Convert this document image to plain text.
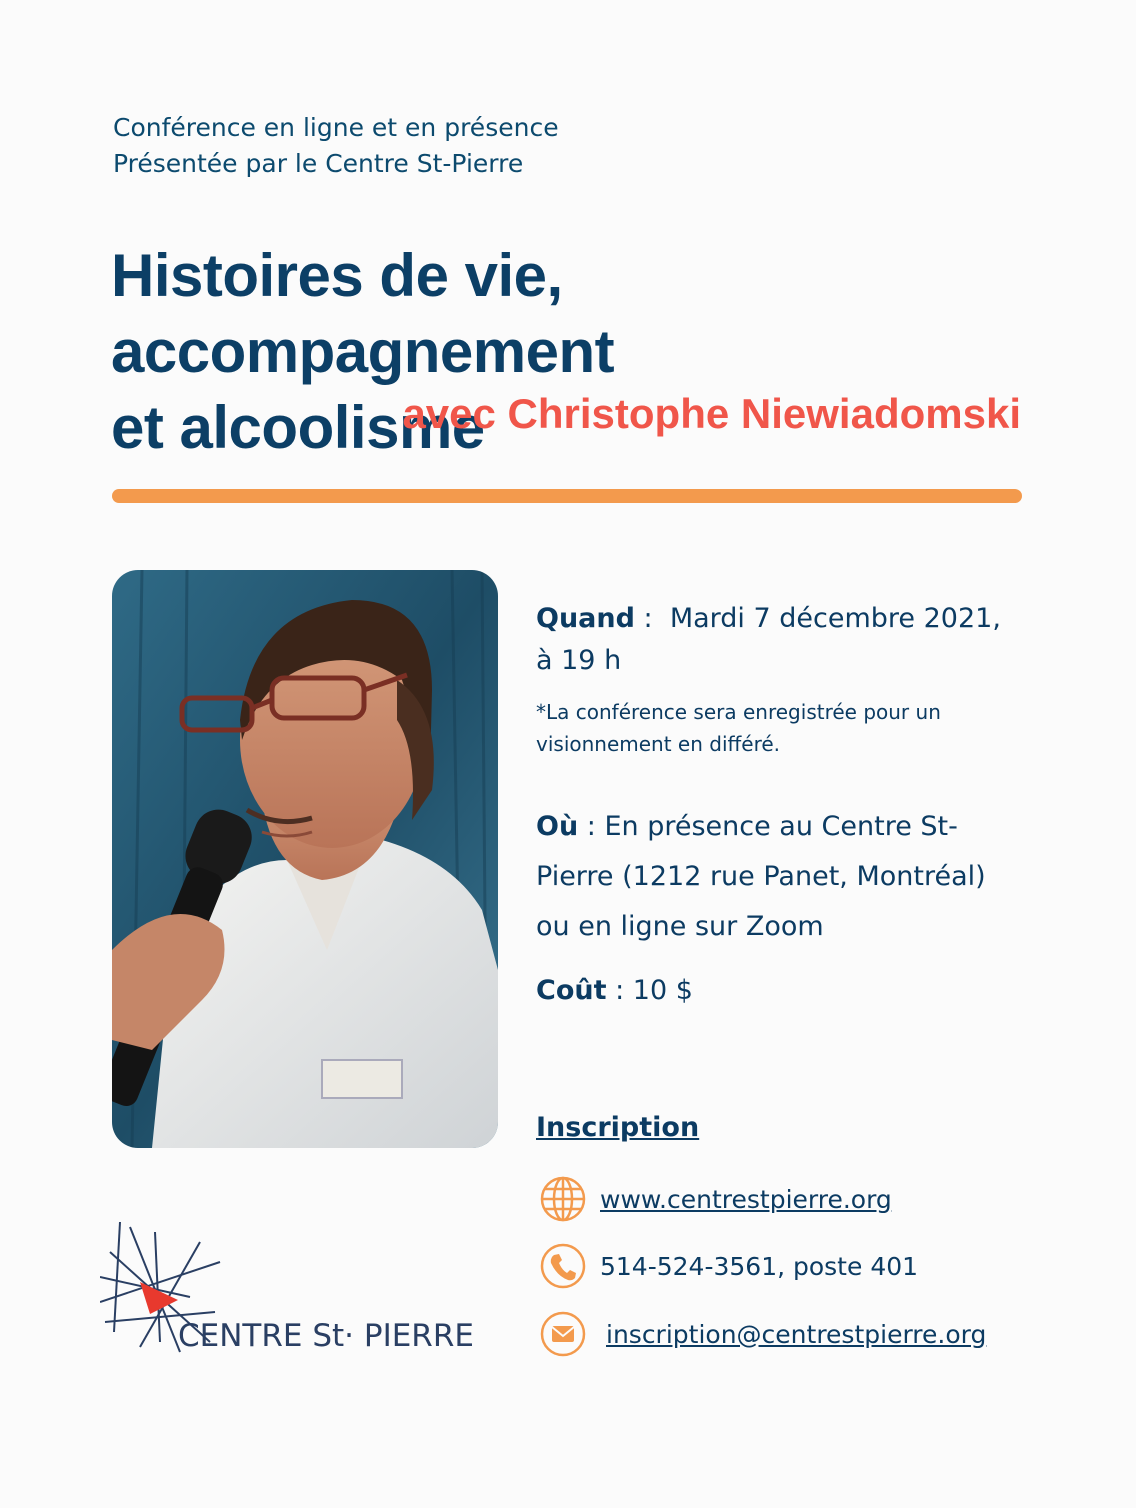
Conférence en ligne et en présence
Présentée par le Centre St-Pierre
Histoires de vie, accompagnement
et alcoolisme
avec Christophe Niewiadomski
Quand :  Mardi 7 décembre 2021, à 19 h
*La conférence sera enregistrée pour un visionnement en différé.
Où : En présence au Centre St-Pierre (1212 rue Panet, Montréal)
ou en ligne sur Zoom
Coût : 10 $
Inscription
www.centrestpierre.org
514-524-3561, poste 401
inscription@centrestpierre.org
CENTRE St· PIERRE
